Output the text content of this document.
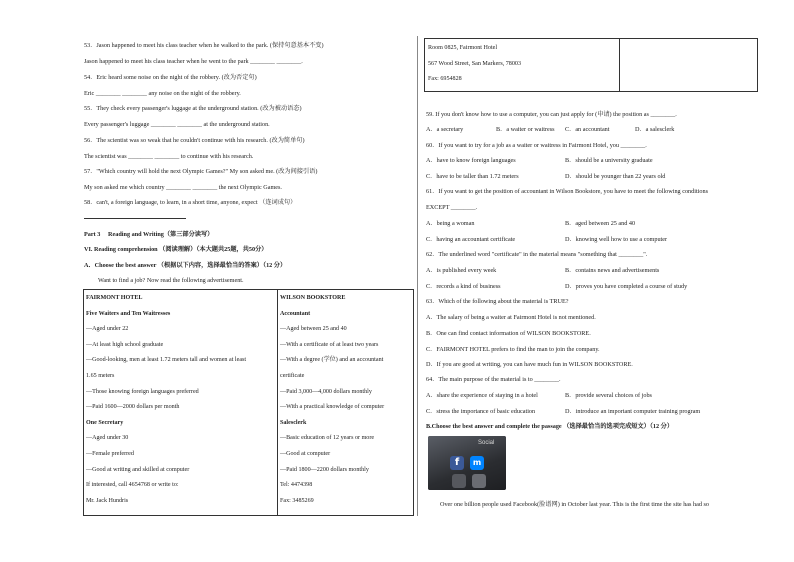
53．Jason happened to meet his class teacher when he walked to the park. (保持句意基本不变)
Jason happened to meet his class teacher when he went to the park ________ ________.
54．Eric heard some noise on the night of the robbery. (改为否定句)
Eric ________ ________ any noise on the night of the robbery.
55．They check every passenger's luggage at the underground station. (改为被动语态)
Every passenger's luggage ________ ________ at the underground station.
56．The scientist was so weak that he couldn't continue with his research. (改为简单句)
The scientist was ________ ________ to continue with his research.
57．"Which country will hold the next Olympic Games?" My son asked me. (改为间接引语)
My son asked me which country ________ ________ the next Olympic Games.
58．can't, a foreign language, to learn, in a short time, anyone, expect （连词成句）
Part 3　 Reading and Writing（第三部分读写）
VI. Reading comprehension （阅读理解）（本大题共25题，共50分）
A．Choose the best answer （根据以下内容，选择最恰当的答案）（12 分）
Want to find a job? Now read the following advertisement.
FAIRMONT HOTEL
Five Waiters and Ten Waitresses
—Aged under 22
—At least high school graduate
—Good-looking, men at least 1.72 meters tall and women at least
1.65 meters
—Those knowing foreign languages preferred
—Paid 1600—2000 dollars per month
One Secretary
—Aged under 30
—Female preferred
—Good at writing and skilled at computer
If interested, call 4654768 or write to:
Mr. Jack Hundris
WILSON BOOKSTORE
Accountant
—Aged between 25 and 40
—With a certificate of at least two years
—With a degree (学位) and an accountant
certificate
—Paid 3,000—4,000 dollars monthly
—With a practical knowledge of computer
Salesclerk
—Basic education of 12 years or more
—Good at computer
—Paid 1800—2200 dollars monthly
Tel: 4474398
Fax: 3485269
Room 0825, Fairmont Hotel
567 Wood Street, San Markers, 78003
Fax: 6954828
59. If you don't know how to use a computer, you can just apply for (申请) the position as ________.
A．a secretary	B．a waiter or waitress C．an accountant	D．a salesclerk
60．If you want to try for a job as a waiter or waitress in Fairmont Hotel, you ________.
A．have to know foreign languages	B．should be a university graduate
C．have to be taller than 1.72 meters	D．should be younger than 22 years old
61．If you want to get the position of accountant in Wilson Bookstore, you have to meet the following conditions
EXCEPT ________.
A．being a woman	B．aged between 25 and 40
C．having an accountant certificate	D．knowing well how to use a computer
62．The underlined word "certificate" in the material means "something that ________".
A．is published every week	B．contains news and advertisements
C．records a kind of business	D．proves you have completed a course of study
63．Which of the following about the material is TRUE?
A．The salary of being a waiter at Fairmont Hotel is not mentioned.
B．One can find contact information of WILSON BOOKSTORE.
C．FAIRMONT HOTEL prefers to find the man to join the company.
D．If you are good at writing, you can have much fun in WILSON BOOKSTORE.
64．The main purpose of the material is to ________.
A．share the experience of staying in a hotel	B．provide several choices of jobs
C．stress the importance of basic education	D．introduce an important computer training program
B.Choose the best answer and complete the passage （选择最恰当的选项完成短文）（12 分）
Social
f	m
Over one billion people used Facebook(脸谱网) in October last year. This is the first time the site has had so
